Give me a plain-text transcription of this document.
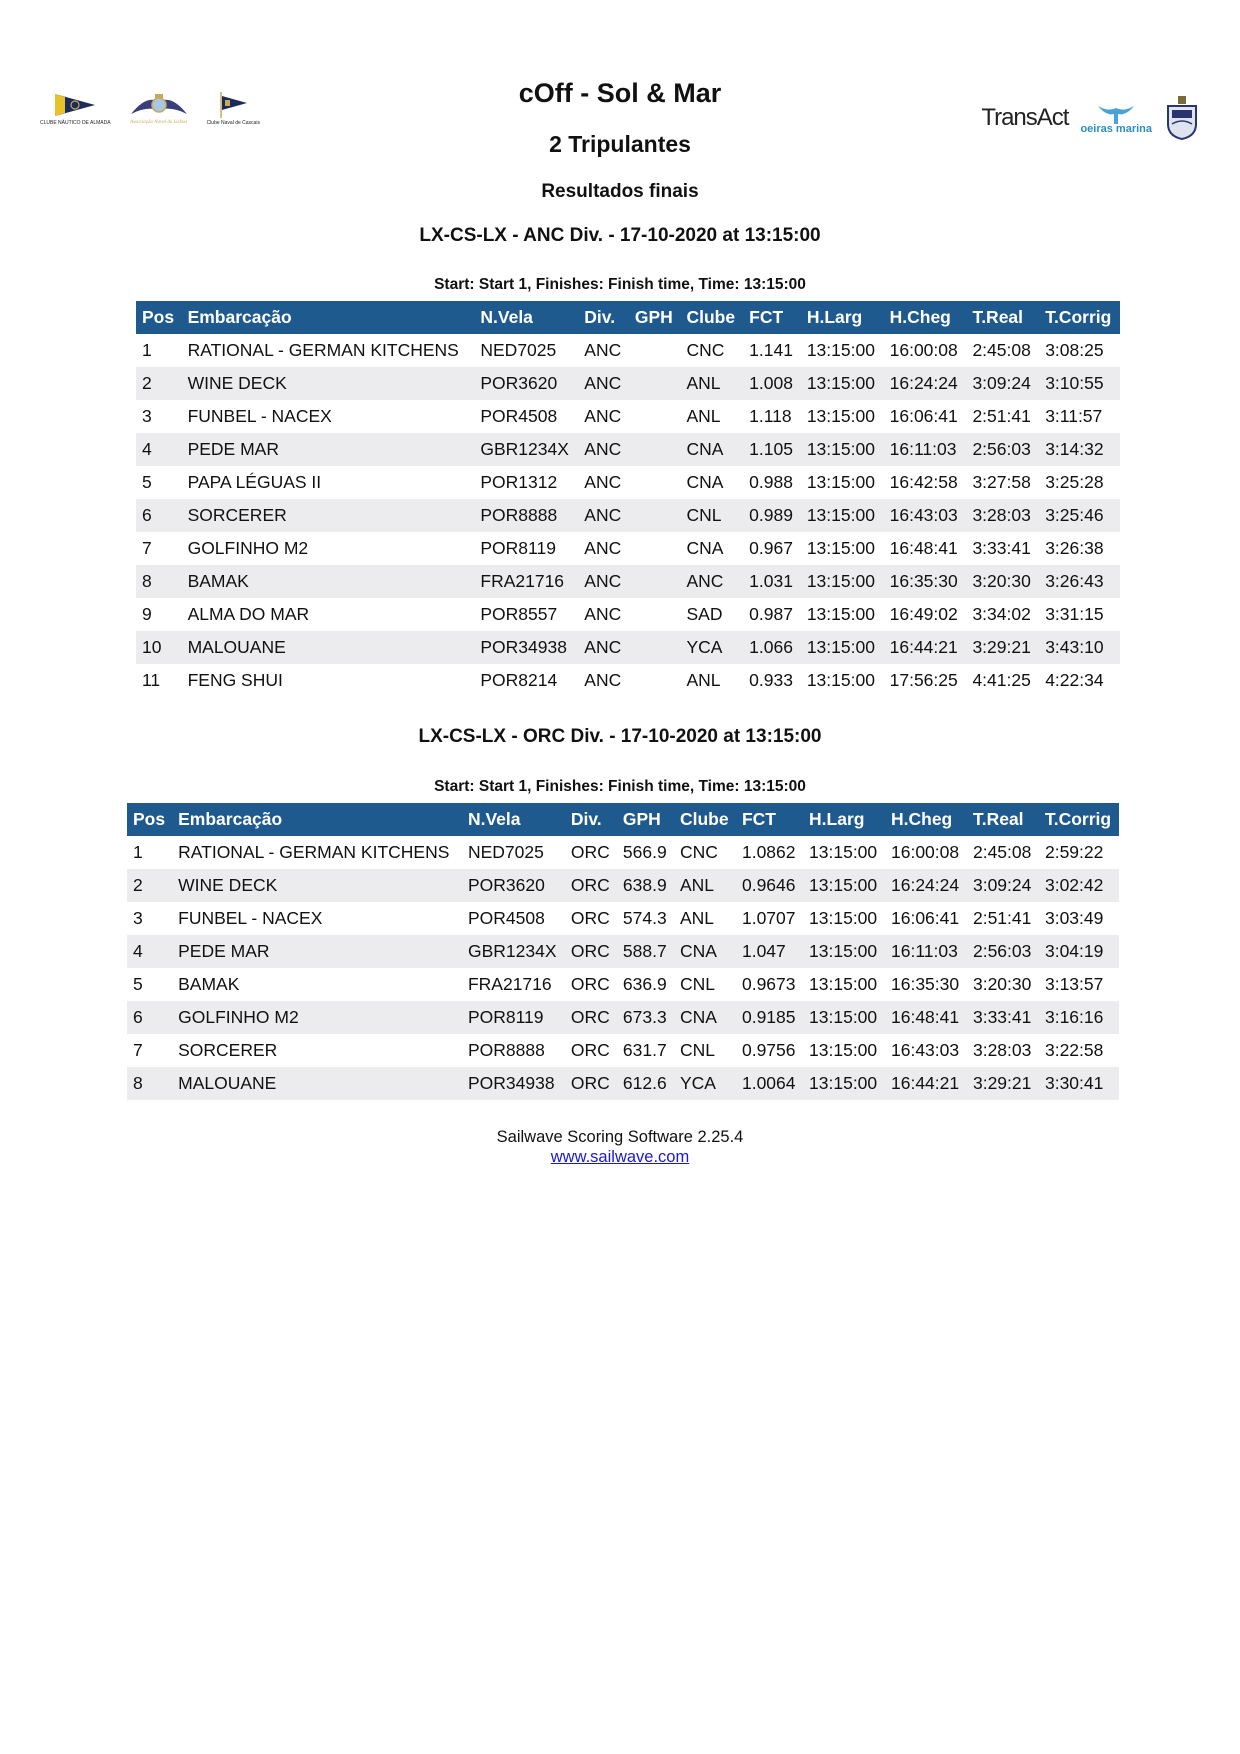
CLUBE NÁUTICO DE ALMADA	Associação Naval de Lisboa	Clube Naval de Cascais	TransAct oeiras marina
cOff - Sol & Mar
2 Tripulantes
Resultados finais
LX-CS-LX - ANC Div. - 17-10-2020 at 13:15:00
Start: Start 1, Finishes: Finish time, Time: 13:15:00
Pos	Embarcação	N.Vela	Div.	GPH	Clube	FCT	H.Larg	H.Cheg	T.Real	T.Corrig
1	RATIONAL - GERMAN KITCHENS	NED7025	ANC		CNC	1.141	13:15:00	16:00:08	2:45:08	3:08:25
2	WINE DECK	POR3620	ANC		ANL	1.008	13:15:00	16:24:24	3:09:24	3:10:55
3	FUNBEL - NACEX	POR4508	ANC		ANL	1.118	13:15:00	16:06:41	2:51:41	3:11:57
4	PEDE MAR	GBR1234X	ANC		CNA	1.105	13:15:00	16:11:03	2:56:03	3:14:32
5	PAPA LÉGUAS II	POR1312	ANC		CNA	0.988	13:15:00	16:42:58	3:27:58	3:25:28
6	SORCERER	POR8888	ANC		CNL	0.989	13:15:00	16:43:03	3:28:03	3:25:46
7	GOLFINHO M2	POR8119	ANC		CNA	0.967	13:15:00	16:48:41	3:33:41	3:26:38
8	BAMAK	FRA21716	ANC		ANC	1.031	13:15:00	16:35:30	3:20:30	3:26:43
9	ALMA DO MAR	POR8557	ANC		SAD	0.987	13:15:00	16:49:02	3:34:02	3:31:15
10	MALOUANE	POR34938	ANC		YCA	1.066	13:15:00	16:44:21	3:29:21	3:43:10
11	FENG SHUI	POR8214	ANC		ANL	0.933	13:15:00	17:56:25	4:41:25	4:22:34
LX-CS-LX - ORC Div. - 17-10-2020 at 13:15:00
Start: Start 1, Finishes: Finish time, Time: 13:15:00
Pos	Embarcação	N.Vela	Div.	GPH	Clube	FCT	H.Larg	H.Cheg	T.Real	T.Corrig
1	RATIONAL - GERMAN KITCHENS	NED7025	ORC	566.9	CNC	1.0862	13:15:00	16:00:08	2:45:08	2:59:22
2	WINE DECK	POR3620	ORC	638.9	ANL	0.9646	13:15:00	16:24:24	3:09:24	3:02:42
3	FUNBEL - NACEX	POR4508	ORC	574.3	ANL	1.0707	13:15:00	16:06:41	2:51:41	3:03:49
4	PEDE MAR	GBR1234X	ORC	588.7	CNA	1.047	13:15:00	16:11:03	2:56:03	3:04:19
5	BAMAK	FRA21716	ORC	636.9	CNL	0.9673	13:15:00	16:35:30	3:20:30	3:13:57
6	GOLFINHO M2	POR8119	ORC	673.3	CNA	0.9185	13:15:00	16:48:41	3:33:41	3:16:16
7	SORCERER	POR8888	ORC	631.7	CNL	0.9756	13:15:00	16:43:03	3:28:03	3:22:58
8	MALOUANE	POR34938	ORC	612.6	YCA	1.0064	13:15:00	16:44:21	3:29:21	3:30:41
Sailwave Scoring Software 2.25.4
www.sailwave.com
